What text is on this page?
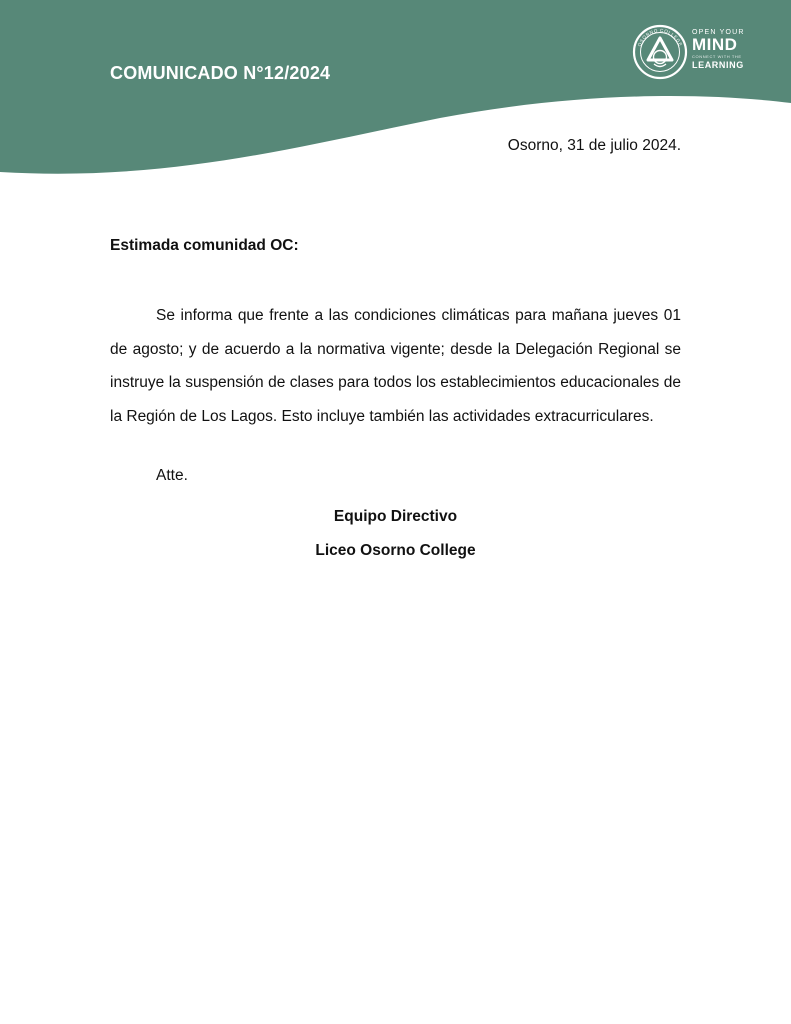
COMUNICADO N°12/2024
OSORNO COLLEGE
OPEN YOUR
MIND
CONNECT WITH THE
LEARNING
Osorno, 31 de julio 2024.
Estimada comunidad OC:

Se informa que frente a las condiciones climáticas para mañana jueves 01 de agosto; y de acuerdo a la normativa vigente; desde la Delegación Regional se instruye la suspensión de clases para todos los establecimientos educacionales de la Región de Los Lagos. Esto incluye también las actividades extracurriculares.

Atte.
Equipo Directivo
Liceo Osorno College
